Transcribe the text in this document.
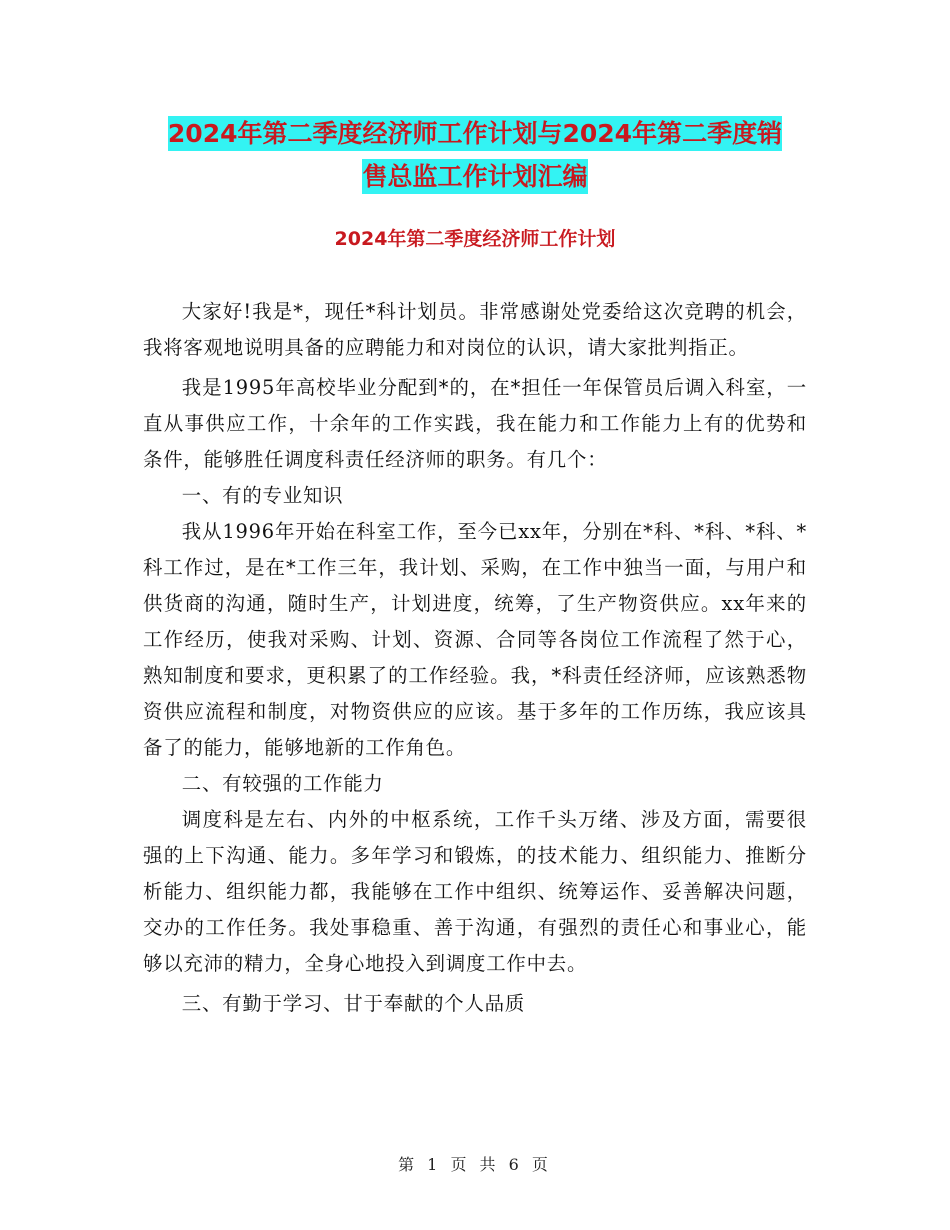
2024年第二季度经济师工作计划与2024年第二季度销
售总监工作计划汇编
2024年第二季度经济师工作计划

大家好!我是*，现任*科计划员。非常感谢处党委给这次竞聘的机会，我将客观地说明具备的应聘能力和对岗位的认识，请大家批判指正。

我是1995年高校毕业分配到*的，在*担任一年保管员后调入科室，一直从事供应工作，十余年的工作实践，我在能力和工作能力上有的优势和条件，能够胜任调度科责任经济师的职务。有几个：

一、有的专业知识

我从1996年开始在科室工作，至今已xx年，分别在*科、*科、*科、*科工作过，是在*工作三年，我计划、采购，在工作中独当一面，与用户和供货商的沟通，随时生产，计划进度，统筹，了生产物资供应。xx年来的工作经历，使我对采购、计划、资源、合同等各岗位工作流程了然于心，熟知制度和要求，更积累了的工作经验。我，*科责任经济师，应该熟悉物资供应流程和制度，对物资供应的应该。基于多年的工作历练，我应该具备了的能力，能够地新的工作角色。

二、有较强的工作能力

调度科是左右、内外的中枢系统，工作千头万绪、涉及方面，需要很强的上下沟通、能力。多年学习和锻炼，的技术能力、组织能力、推断分析能力、组织能力都，我能够在工作中组织、统筹运作、妥善解决问题，交办的工作任务。我处事稳重、善于沟通，有强烈的责任心和事业心，能够以充沛的精力，全身心地投入到调度工作中去。

三、有勤于学习、甘于奉献的个人品质

第 1 页 共 6 页
